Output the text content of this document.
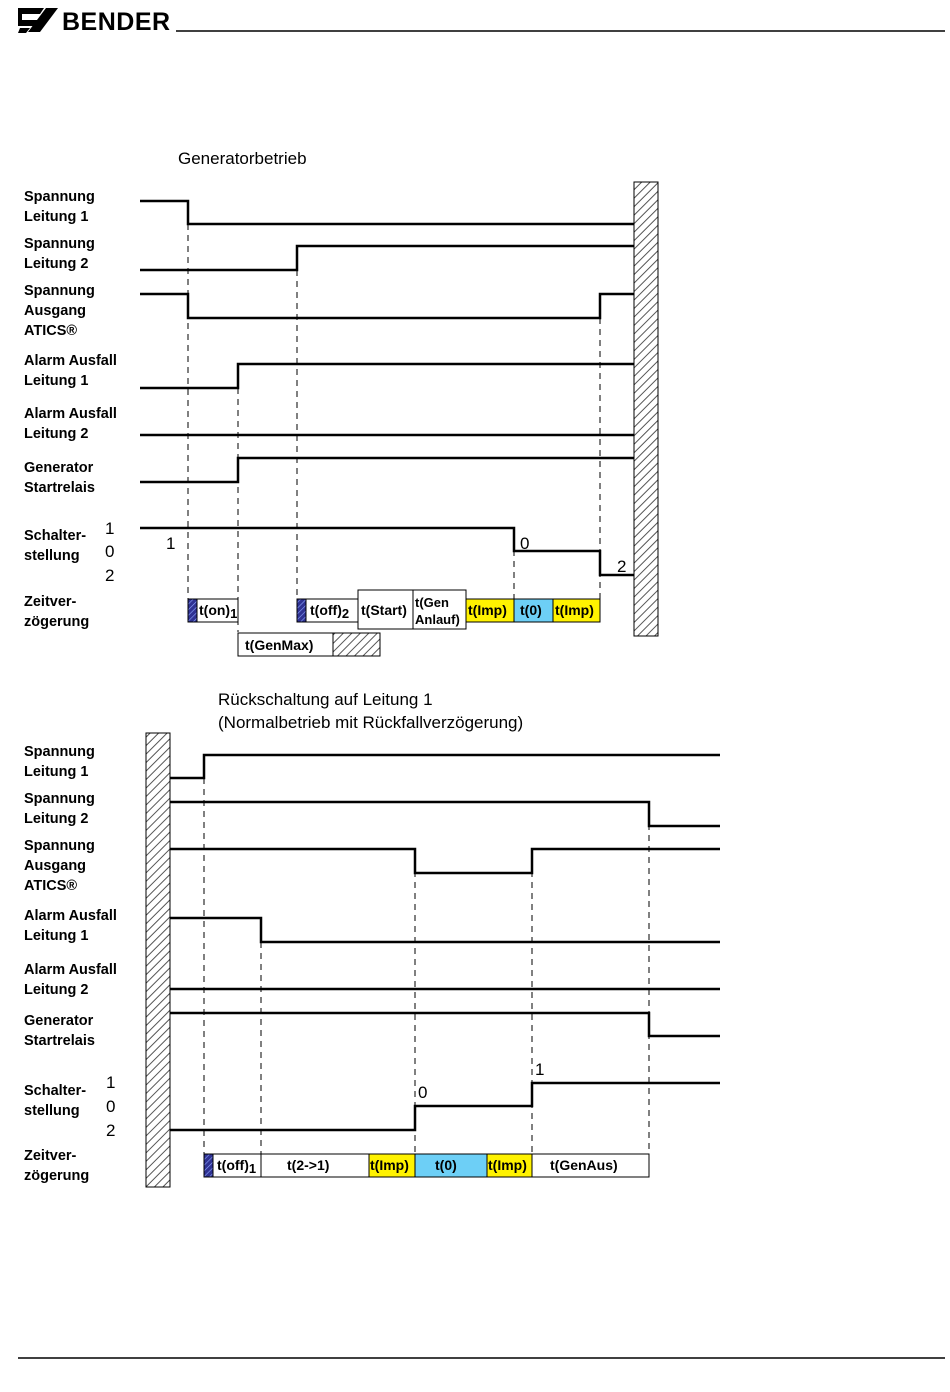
BENDER
Generatorbetrieb
Spannung Leitung 1
Spannung Leitung 2
Spannung Ausgang ATICS®
Alarm Ausfall Leitung 1
Alarm Ausfall Leitung 2
Generator Startrelais
Schalter-stellung
Zeitver-zögerung
1
0
2
1	0
2
t(on)1	t(off)2 t(Start) t(Gen
Anlauf)
t(Imp) t(0) t(Imp)
t(GenMax)
Rückschaltung auf Leitung 1
(Normalbetrieb mit Rückfallverzögerung)
Spannung Leitung 1
Spannung Leitung 2
Spannung Ausgang ATICS®
Alarm Ausfall Leitung 1
Alarm Ausfall Leitung 2
Generator Startrelais
Schalter-stellung
Zeitver-zögerung
1
0
2
0
1
t(off)1 t(2->1)	t(Imp) t(0) t(Imp) t(GenAus)
